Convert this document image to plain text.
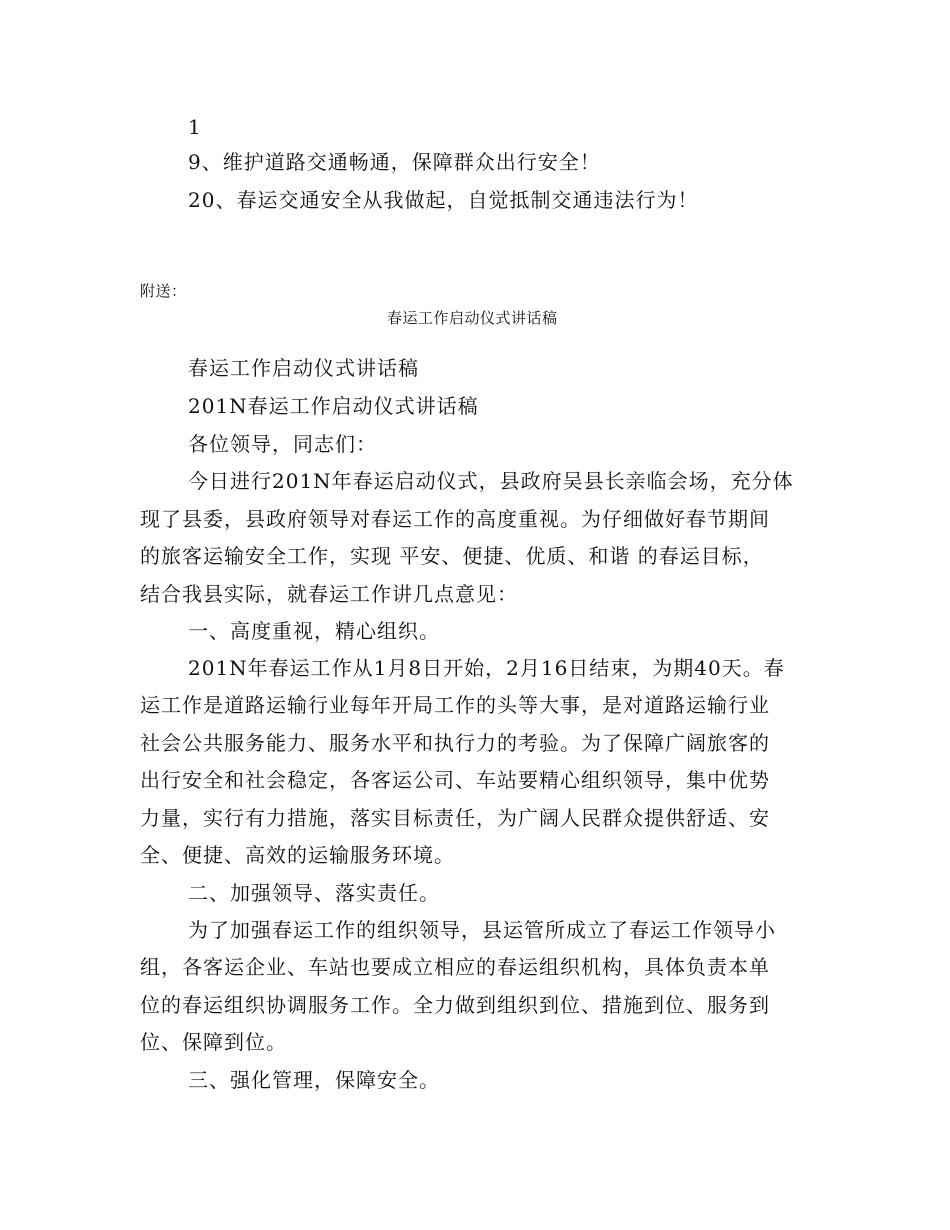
1
9、维护道路交通畅通，保障群众出行安全！
20、春运交通安全从我做起，自觉抵制交通违法行为！
附送：
春运工作启动仪式讲话稿
春运工作启动仪式讲话稿
201N春运工作启动仪式讲话稿
各位领导，同志们：
今日进行201N年春运启动仪式，县政府吴县长亲临会场，充分体
现了县委，县政府领导对春运工作的高度重视。为仔细做好春节期间
的旅客运输安全工作，实现 平安、便捷、优质、和谐 的春运目标，
结合我县实际，就春运工作讲几点意见：
一、高度重视，精心组织。
201N年春运工作从1月8日开始，2月16日结束，为期40天。春
运工作是道路运输行业每年开局工作的头等大事，是对道路运输行业
社会公共服务能力、服务水平和执行力的考验。为了保障广阔旅客的
出行安全和社会稳定，各客运公司、车站要精心组织领导，集中优势
力量，实行有力措施，落实目标责任，为广阔人民群众提供舒适、安
全、便捷、高效的运输服务环境。
二、加强领导、落实责任。
为了加强春运工作的组织领导，县运管所成立了春运工作领导小
组，各客运企业、车站也要成立相应的春运组织机构，具体负责本单
位的春运组织协调服务工作。全力做到组织到位、措施到位、服务到
位、保障到位。
三、强化管理，保障安全。
